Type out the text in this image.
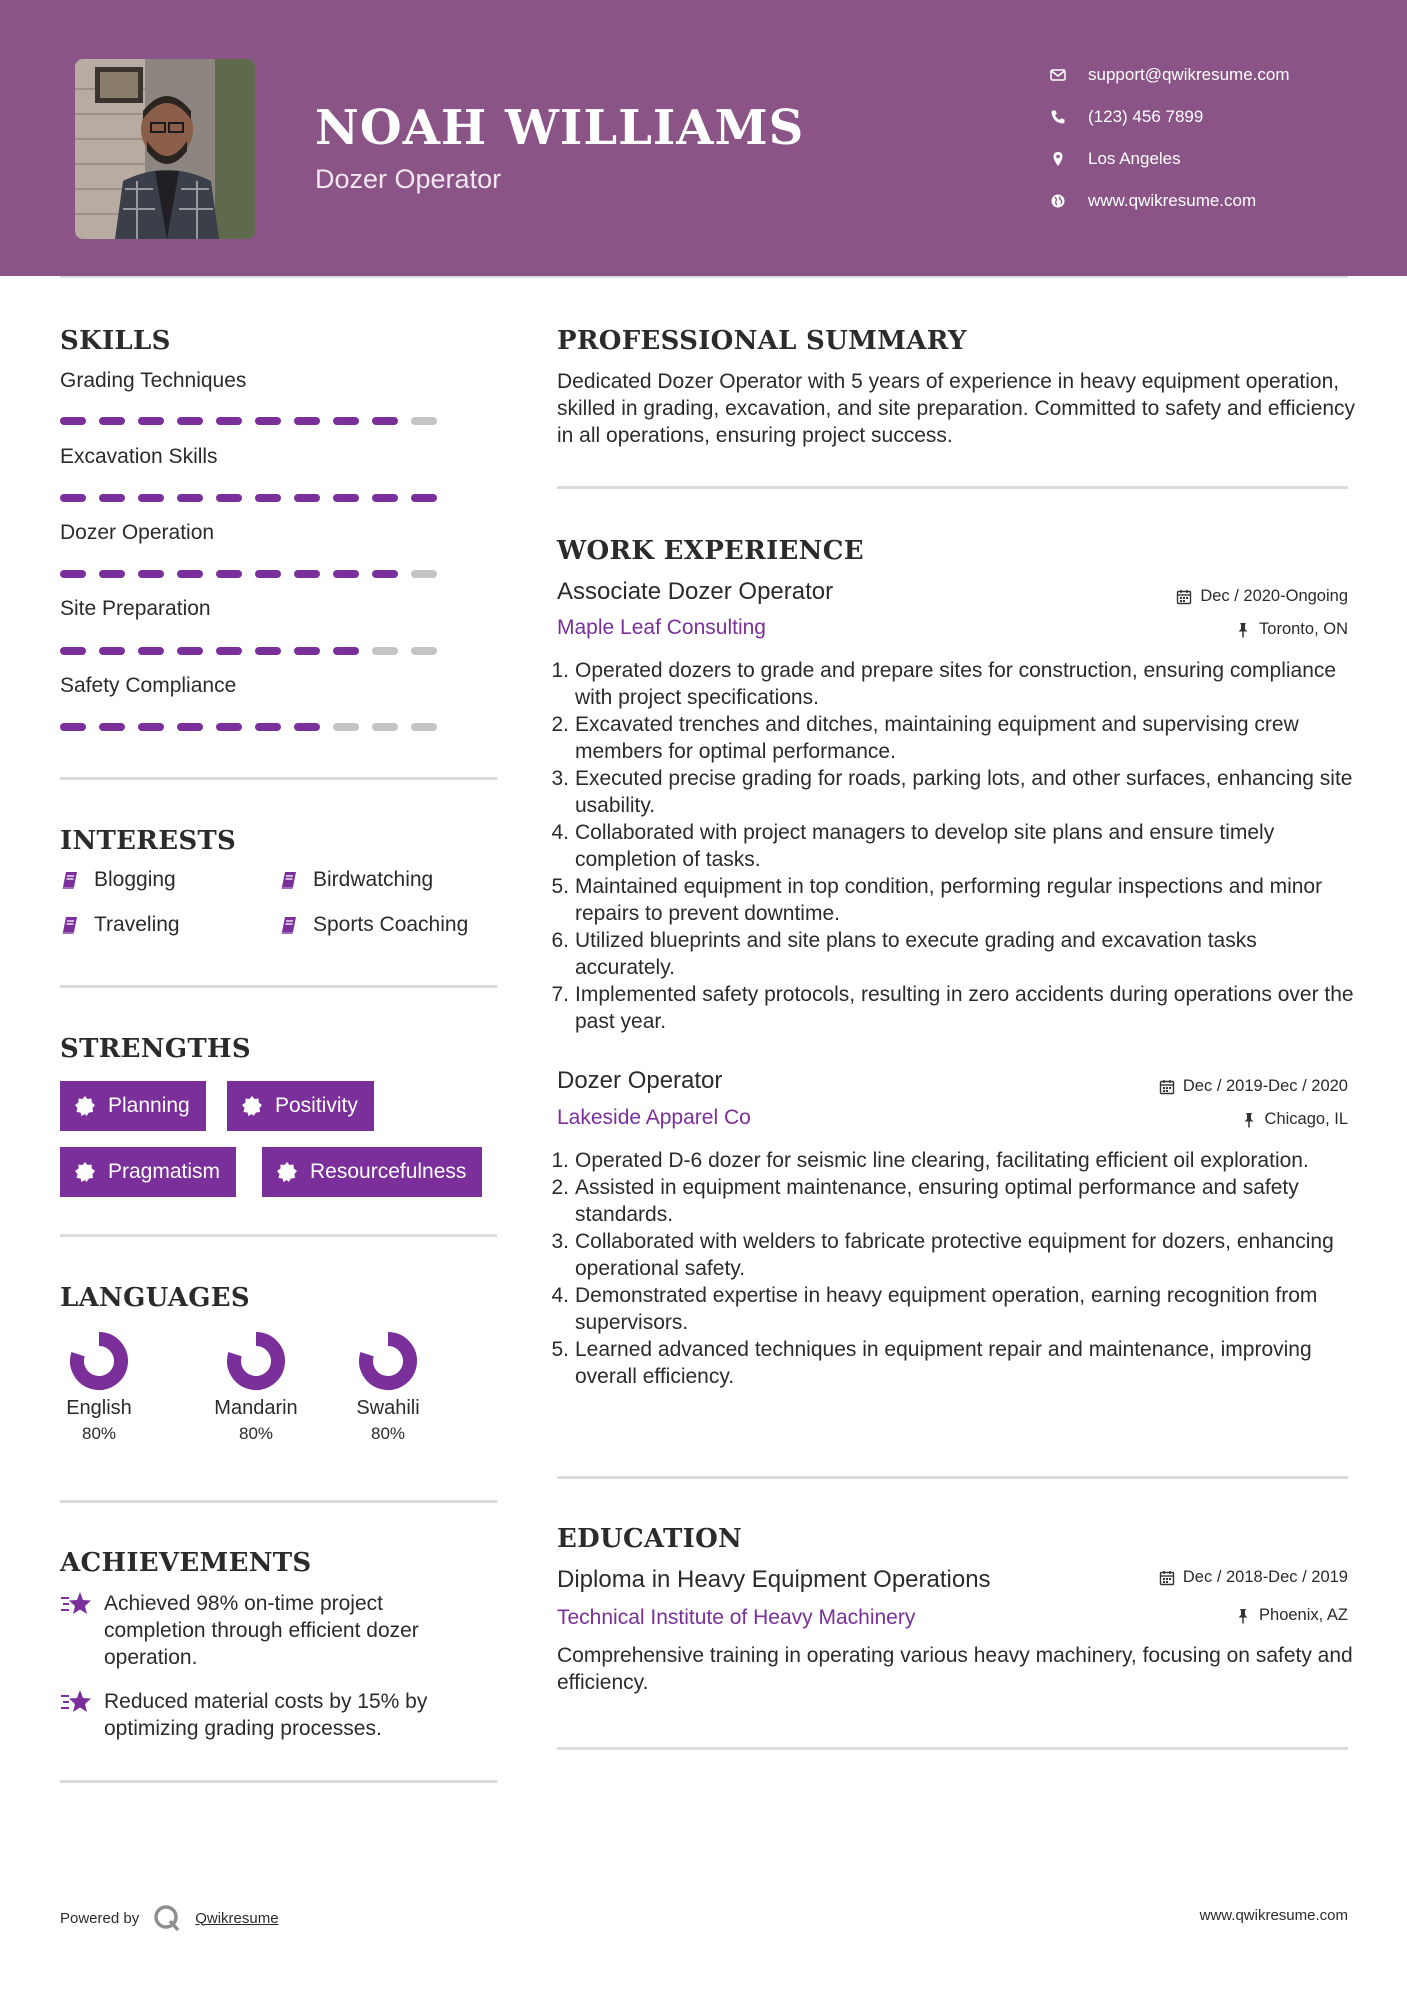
NOAH WILLIAMS
Dozer Operator
support@qwikresume.com
(123) 456 7899
Los Angeles
www.qwikresume.com
SKILLS
Grading Techniques
Excavation Skills
Dozer Operation
Site Preparation
Safety Compliance
INTERESTS
Blogging	Birdwatching
Traveling	Sports Coaching
STRENGTHS
Planning	Positivity
Pragmatism	Resourcefulness
LANGUAGES
English
80%
Mandarin
80%
Swahili
80%
ACHIEVEMENTS
Achieved 98% on-time project completion through efficient dozer operation.
Reduced material costs by 15% by optimizing grading processes.
PROFESSIONAL SUMMARY
Dedicated Dozer Operator with 5 years of experience in heavy equipment operation, skilled in grading, excavation, and site preparation. Committed to safety and efficiency in all operations, ensuring project success.
WORK EXPERIENCE
Associate Dozer Operator	Dec / 2020-Ongoing
Maple Leaf Consulting	Toronto, ON
1. Operated dozers to grade and prepare sites for construction, ensuring compliance with project specifications.
2. Excavated trenches and ditches, maintaining equipment and supervising crew members for optimal performance.
3. Executed precise grading for roads, parking lots, and other surfaces, enhancing site usability.
4. Collaborated with project managers to develop site plans and ensure timely completion of tasks.
5. Maintained equipment in top condition, performing regular inspections and minor repairs to prevent downtime.
6. Utilized blueprints and site plans to execute grading and excavation tasks accurately.
7. Implemented safety protocols, resulting in zero accidents during operations over the past year.
Dozer Operator	Dec / 2019-Dec / 2020
Lakeside Apparel Co	Chicago, IL
1. Operated D-6 dozer for seismic line clearing, facilitating efficient oil exploration.
2. Assisted in equipment maintenance, ensuring optimal performance and safety standards.
3. Collaborated with welders to fabricate protective equipment for dozers, enhancing operational safety.
4. Demonstrated expertise in heavy equipment operation, earning recognition from supervisors.
5. Learned advanced techniques in equipment repair and maintenance, improving overall efficiency.
EDUCATION
Diploma in Heavy Equipment Operations	Dec / 2018-Dec / 2019
Technical Institute of Heavy Machinery	Phoenix, AZ
Comprehensive training in operating various heavy machinery, focusing on safety and efficiency.
Powered by	Qwikresume	www.qwikresume.com
